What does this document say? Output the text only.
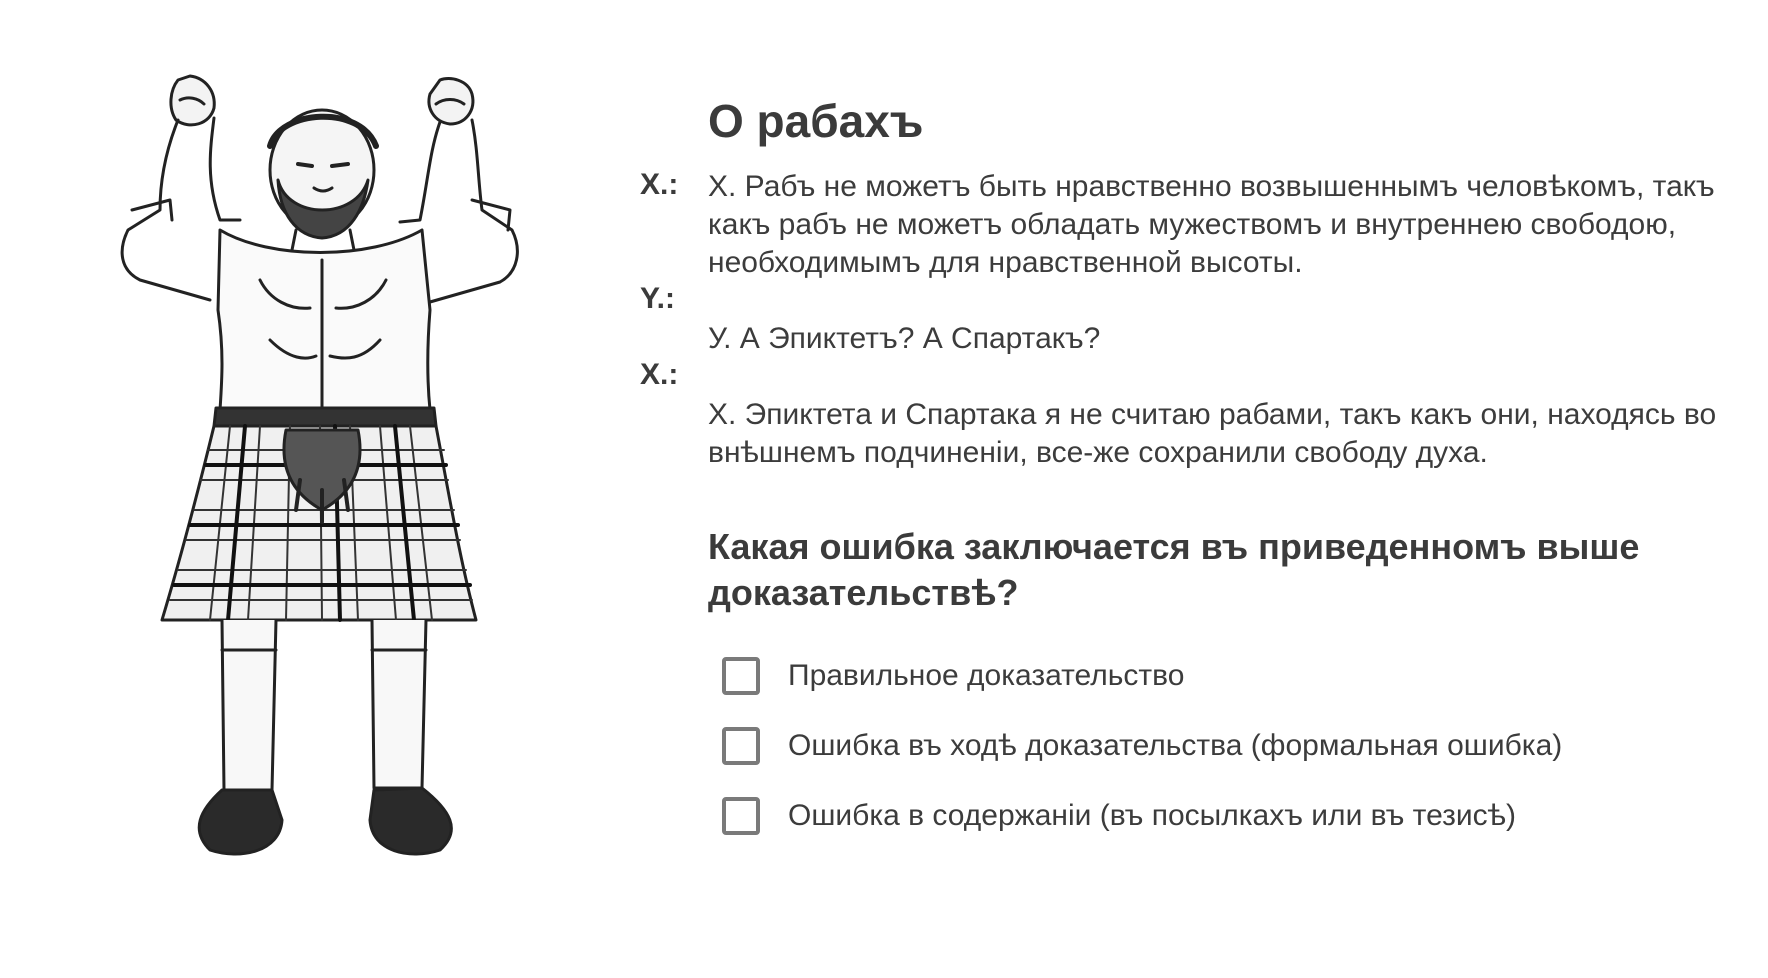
О рабахъ
X.: Х. Рабъ не можетъ быть нравственно возвышеннымъ человѣкомъ, такъ какъ рабъ не можетъ обладать мужествомъ и внутреннею свободою, необходимымъ для нравственной высоты.

Y.:

У. А Эпиктетъ? А Спартакъ?

X.:

Х. Эпиктета и Спартака я не считаю рабами, такъ какъ они, находясь во внѣшнемъ подчиненiи, все-же сохранили свободу духа.

Какая ошибка заключается въ приведенномъ выше доказательствѣ?
Правильное доказательство
Ошибка въ ходѣ доказательства (формальная ошибка)
Ошибка в содержанiи (въ посылкахъ или въ тезисѣ)
